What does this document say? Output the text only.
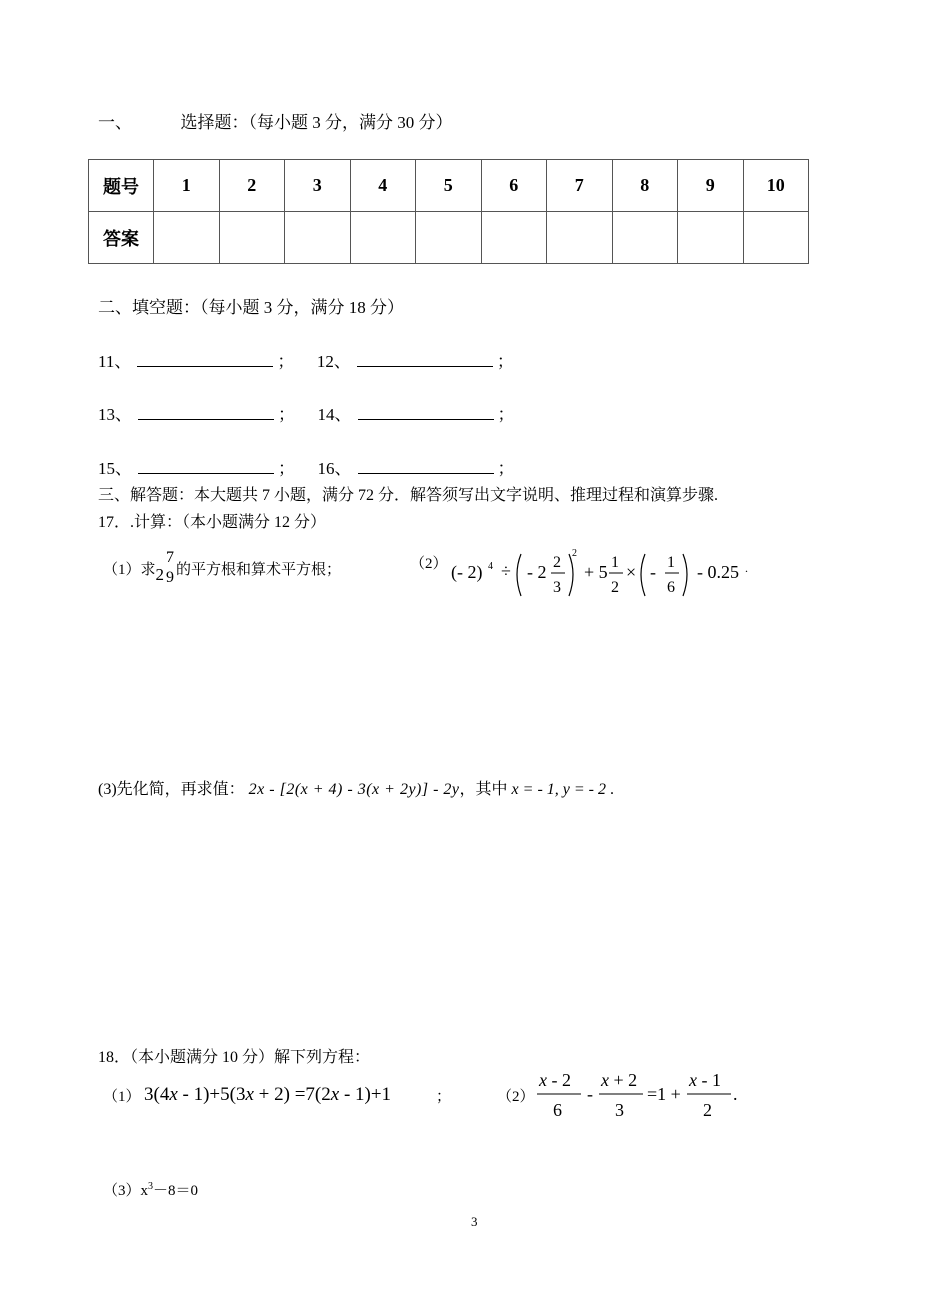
一、	选择题：（每小题 3 分，满分 30 分）
题号	1	2	3	4	5	6	7	8	9	10
答案										
二、填空题：（每小题 3 分，满分 18 分）
11、	； 12、	；
13、	； 14、	；
15、	； 16、	；
三、解答题：本大题共 7 小题，满分 72 分．解答须写出文字说明、推理过程和演算步骤.
17．.计算：（本小题满分 12 分）
（1）求 2
7
9 的平方根和算术平方根；	（2） (- 2) 4 ÷ - 2 2
3
2
+ 5 1
2
× - 1
6
- 0.25 .
(3)先化简，再求值： 2x - [2(x + 4) - 3(x + 2y)] - 2y，其中 x = - 1, y = - 2 .
18．（本小题满分 10 分）解下列方程：
（1） 3(4x - 1)+5(3x + 2) =7(2x - 1)+1	；	（2）
x - 2
6
-
x + 2
3
=1 +
x - 1
2
.
$(3)x^3-8=0$
3
